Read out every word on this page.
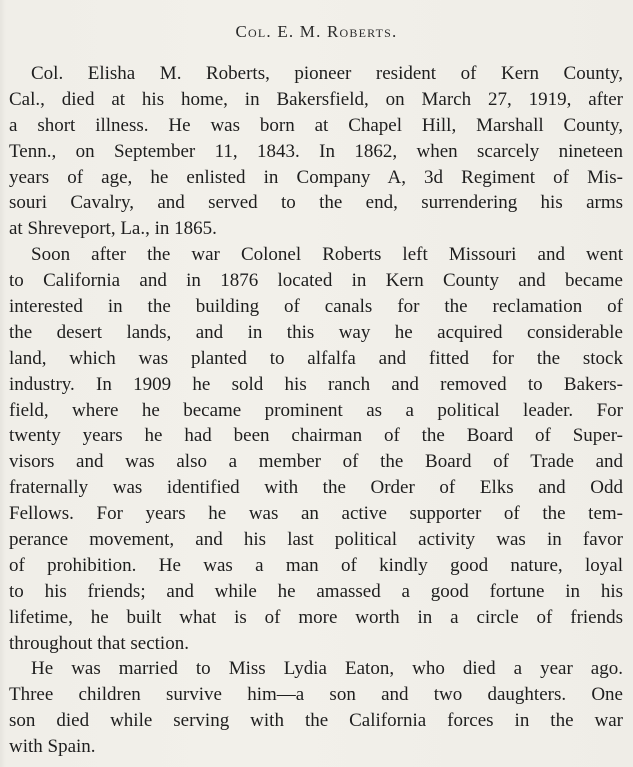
Col. E. M. Roberts.
Col. Elisha M. Roberts, pioneer resident of Kern County,
Cal., died at his home, in Bakersfield, on March 27, 1919, after
a short illness. He was born at Chapel Hill, Marshall County,
Tenn., on September 11, 1843. In 1862, when scarcely nineteen
years of age, he enlisted in Company A, 3d Regiment of Mis-
souri Cavalry, and served to the end, surrendering his arms
at Shreveport, La., in 1865.
Soon after the war Colonel Roberts left Missouri and went
to California and in 1876 located in Kern County and became
interested in the building of canals for the reclamation of
the desert lands, and in this way he acquired considerable
land, which was planted to alfalfa and fitted for the stock
industry. In 1909 he sold his ranch and removed to Bakers-
field, where he became prominent as a political leader. For
twenty years he had been chairman of the Board of Super-
visors and was also a member of the Board of Trade and
fraternally was identified with the Order of Elks and Odd
Fellows. For years he was an active supporter of the tem-
perance movement, and his last political activity was in favor
of prohibition. He was a man of kindly good nature, loyal
to his friends; and while he amassed a good fortune in his
lifetime, he built what is of more worth in a circle of friends
throughout that section.
He was married to Miss Lydia Eaton, who died a year ago.
Three children survive him—a son and two daughters. One
son died while serving with the California forces in the war
with Spain.
